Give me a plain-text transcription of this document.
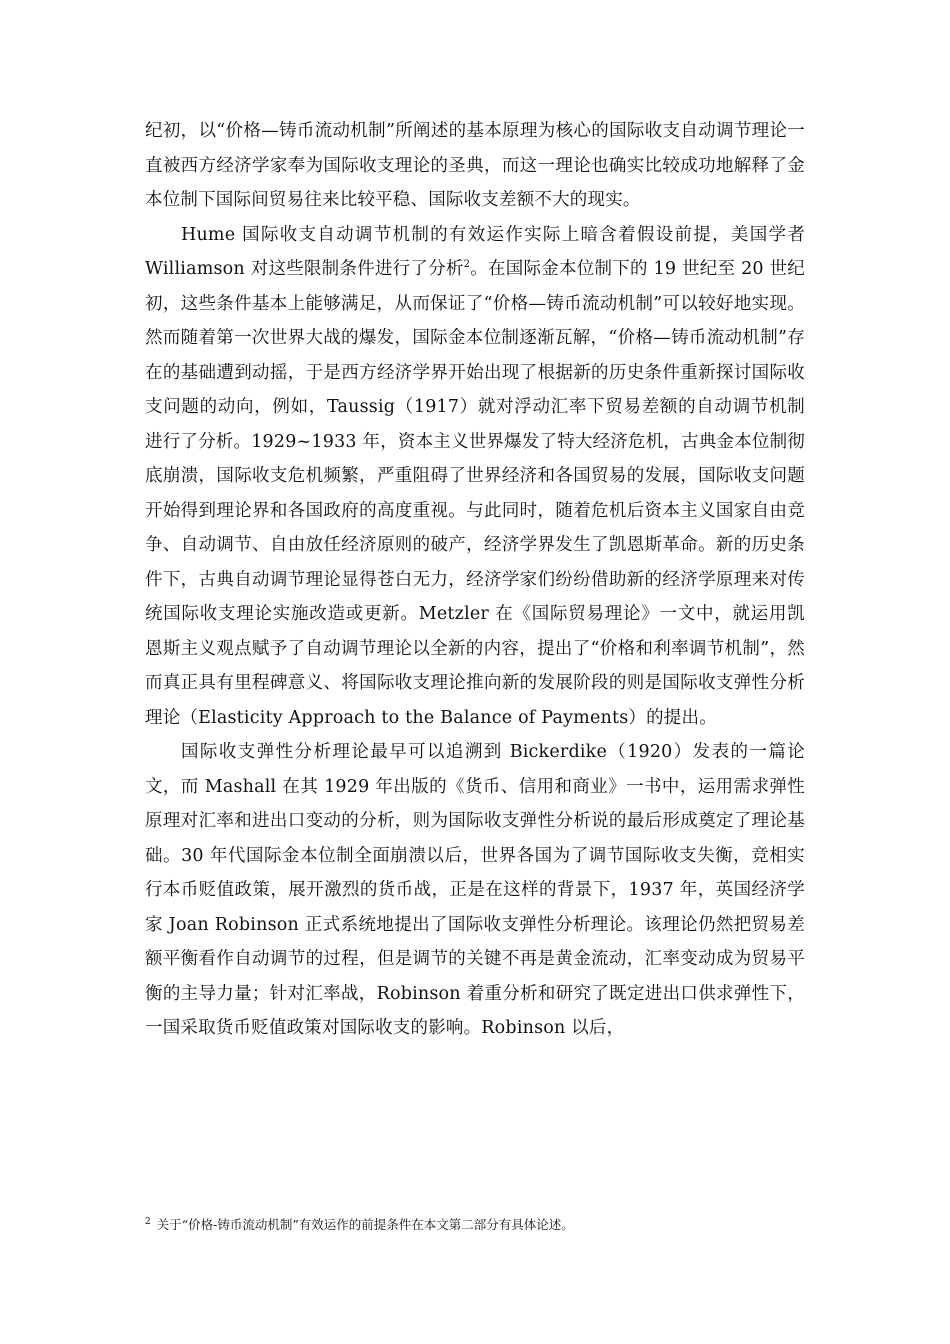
纪初，以“价格—铸币流动机制”所阐述的基本原理为核心的国际收支自动调节理论一直被西方经济学家奉为国际收支理论的圣典，而这一理论也确实比较成功地解释了金本位制下国际间贸易往来比较平稳、国际收支差额不大的现实。

Hume 国际收支自动调节机制的有效运作实际上暗含着假设前提，美国学者 Williamson 对这些限制条件进行了分析$^2$。在国际金本位制下的 19 世纪至 20 世纪初，这些条件基本上能够满足，从而保证了“价格—铸币流动机制”可以较好地实现。然而随着第一次世界大战的爆发，国际金本位制逐渐瓦解，“价格—铸币流动机制”存在的基础遭到动摇，于是西方经济学界开始出现了根据新的历史条件重新探讨国际收支问题的动向，例如，Taussig（1917）就对浮动汇率下贸易差额的自动调节机制进行了分析。1929~1933 年，资本主义世界爆发了特大经济危机，古典金本位制彻底崩溃，国际收支危机频繁，严重阻碍了世界经济和各国贸易的发展，国际收支问题开始得到理论界和各国政府的高度重视。与此同时，随着危机后资本主义国家自由竞争、自动调节、自由放任经济原则的破产，经济学界发生了凯恩斯革命。新的历史条件下，古典自动调节理论显得苍白无力，经济学家们纷纷借助新的经济学原理来对传统国际收支理论实施改造或更新。Metzler 在《国际贸易理论》一文中，就运用凯恩斯主义观点赋予了自动调节理论以全新的内容，提出了“价格和利率调节机制”，然而真正具有里程碑意义、将国际收支理论推向新的发展阶段的则是国际收支弹性分析理论（Elasticity Approach to the Balance of Payments）的提出。

国际收支弹性分析理论最早可以追溯到 Bickerdike（1920）发表的一篇论文，而 Mashall 在其 1929 年出版的《货币、信用和商业》一书中，运用需求弹性原理对汇率和进出口变动的分析，则为国际收支弹性分析说的最后形成奠定了理论基础。30 年代国际金本位制全面崩溃以后，世界各国为了调节国际收支失衡，竞相实行本币贬值政策，展开激烈的货币战，正是在这样的背景下，1937 年，英国经济学家 Joan Robinson 正式系统地提出了国际收支弹性分析理论。该理论仍然把贸易差额平衡看作自动调节的过程，但是调节的关键不再是黄金流动，汇率变动成为贸易平衡的主导力量；针对汇率战，Robinson 着重分析和研究了既定进出口供求弹性下，一国采取货币贬值政策对国际收支的影响。Robinson 以后，

$^2$ 关于“价格-铸币流动机制”有效运作的前提条件在本文第二部分有具体论述。
